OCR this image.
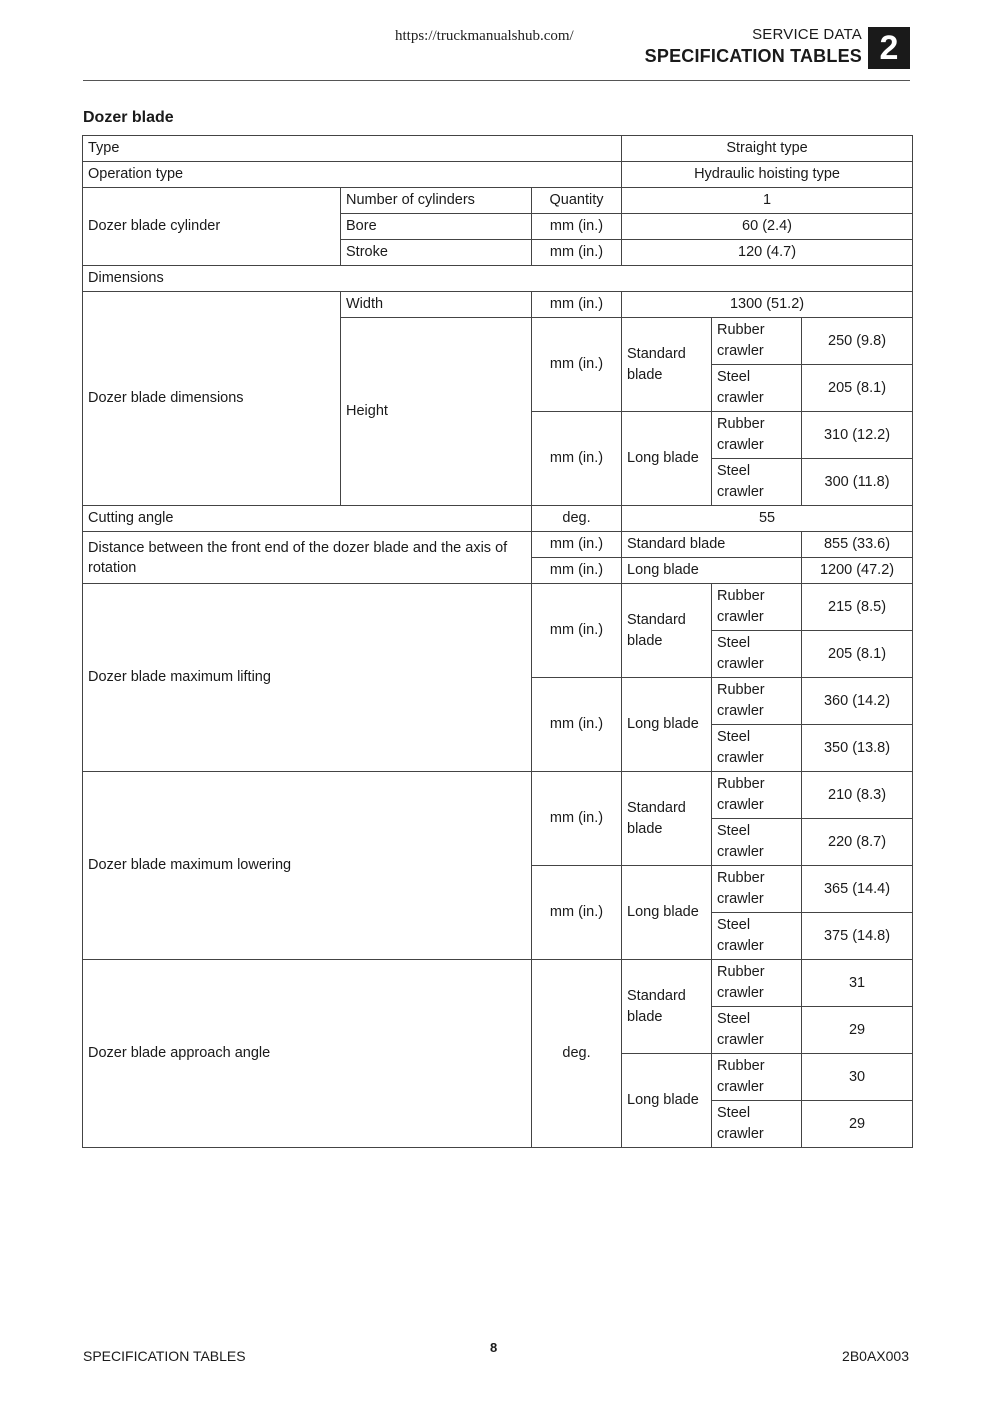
https://truckmanualshub.com/	SERVICE DATA
SPECIFICATION TABLES 2
Dozer blade
Type			Straight type		
Operation type			Hydraulic hoisting type		
Dozer blade cylinder	Number of cylinders	Quantity	1		
	Bore	mm (in.)	60 (2.4)		
	Stroke	mm (in.)	120 (4.7)		
Dimensions					
Dozer blade dimensions	Width	mm (in.)	1300 (51.2)		
	Height	mm (in.)	Standard blade	Rubber crawler	250 (9.8)
				Steel crawler	205 (8.1)
		mm (in.)	Long blade	Rubber crawler	310 (12.2)
				Steel crawler	300 (11.8)
Cutting angle		deg.	55		
Distance between the front end of the dozer blade and the axis of rotation		mm (in.)	Standard blade		855 (33.6)
		mm (in.)	Long blade		1200 (47.2)
Dozer blade maximum lifting		mm (in.)	Standard blade	Rubber crawler	215 (8.5)
				Steel crawler	205 (8.1)
		mm (in.)	Long blade	Rubber crawler	360 (14.2)
				Steel crawler	350 (13.8)
Dozer blade maximum lowering		mm (in.)	Standard blade	Rubber crawler	210 (8.3)
				Steel crawler	220 (8.7)
		mm (in.)	Long blade	Rubber crawler	365 (14.4)
				Steel crawler	375 (14.8)
Dozer blade approach angle		deg.	Standard blade	Rubber crawler	31
				Steel crawler	29
			Long blade	Rubber crawler	30
				Steel crawler	29
SPECIFICATION TABLES
8
2B0AX003
